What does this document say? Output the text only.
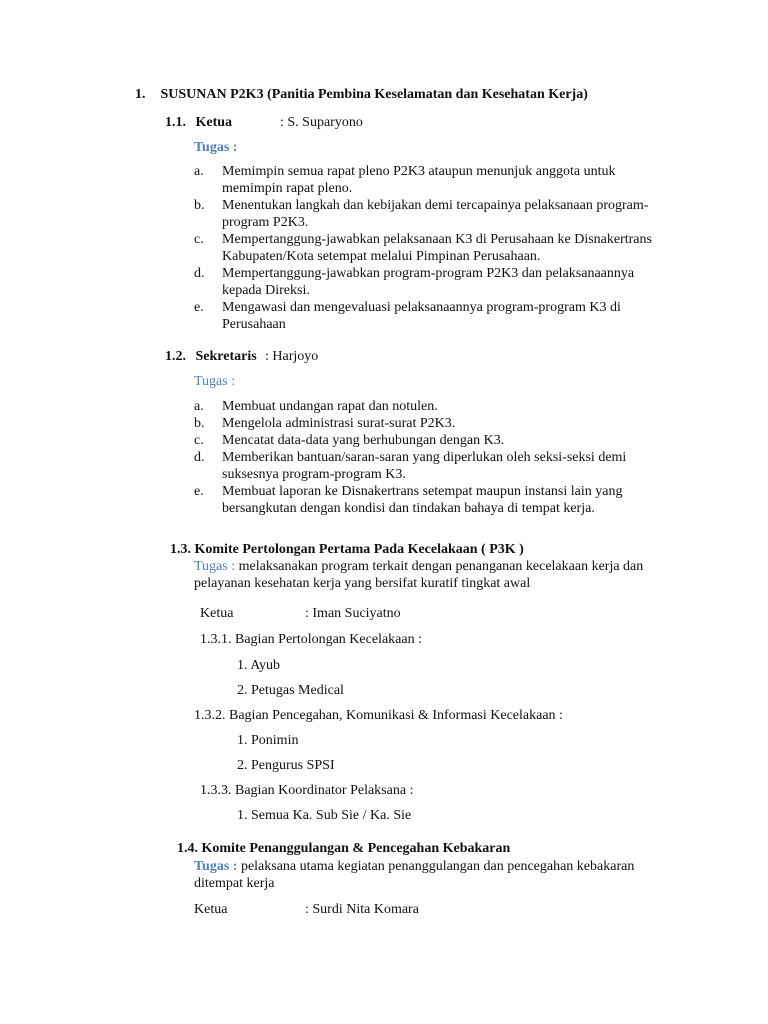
1. SUSUNAN P2K3 (Panitia Pembina Keselamatan dan Kesehatan Kerja)
1.1. Ketua	: S. Suparyono
Tugas :
a. Memimpin semua rapat pleno P2K3 ataupun menunjuk anggota untuk memimpin rapat pleno.
b. Menentukan langkah dan kebijakan demi tercapainya pelaksanaan program-program P2K3.
c. Mempertanggung-jawabkan pelaksanaan K3 di Perusahaan ke Disnakertrans Kabupaten/Kota setempat melalui Pimpinan Perusahaan.
d. Mempertanggung-jawabkan program-program P2K3 dan pelaksanaannya kepada Direksi.
e. Mengawasi dan mengevaluasi pelaksanaannya program-program K3 di Perusahaan
1.2. Sekretaris : Harjoyo
Tugas :
a. Membuat undangan rapat dan notulen.
b. Mengelola administrasi surat-surat P2K3.
c. Mencatat data-data yang berhubungan dengan K3.
d. Memberikan bantuan/saran-saran yang diperlukan oleh seksi-seksi demi suksesnya program-program K3.
e. Membuat laporan ke Disnakertrans setempat maupun instansi lain yang bersangkutan dengan kondisi dan tindakan bahaya di tempat kerja.
1.3. Komite Pertolongan Pertama Pada Kecelakaan ( P3K )
Tugas : melaksanakan program terkait dengan penanganan kecelakaan kerja dan pelayanan kesehatan kerja yang bersifat kuratif tingkat awal
Ketua	: Iman Suciyatno
1.3.1. Bagian Pertolongan Kecelakaan :
1. Ayub
2. Petugas Medical
1.3.2. Bagian Pencegahan, Komunikasi & Informasi Kecelakaan :
1. Ponimin
2. Pengurus SPSI
1.3.3. Bagian Koordinator Pelaksana :
1. Semua Ka. Sub Sie / Ka. Sie
1.4. Komite Penanggulangan & Pencegahan Kebakaran
Tugas : pelaksana utama kegiatan penanggulangan dan pencegahan kebakaran ditempat kerja
Ketua	: Surdi Nita Komara
